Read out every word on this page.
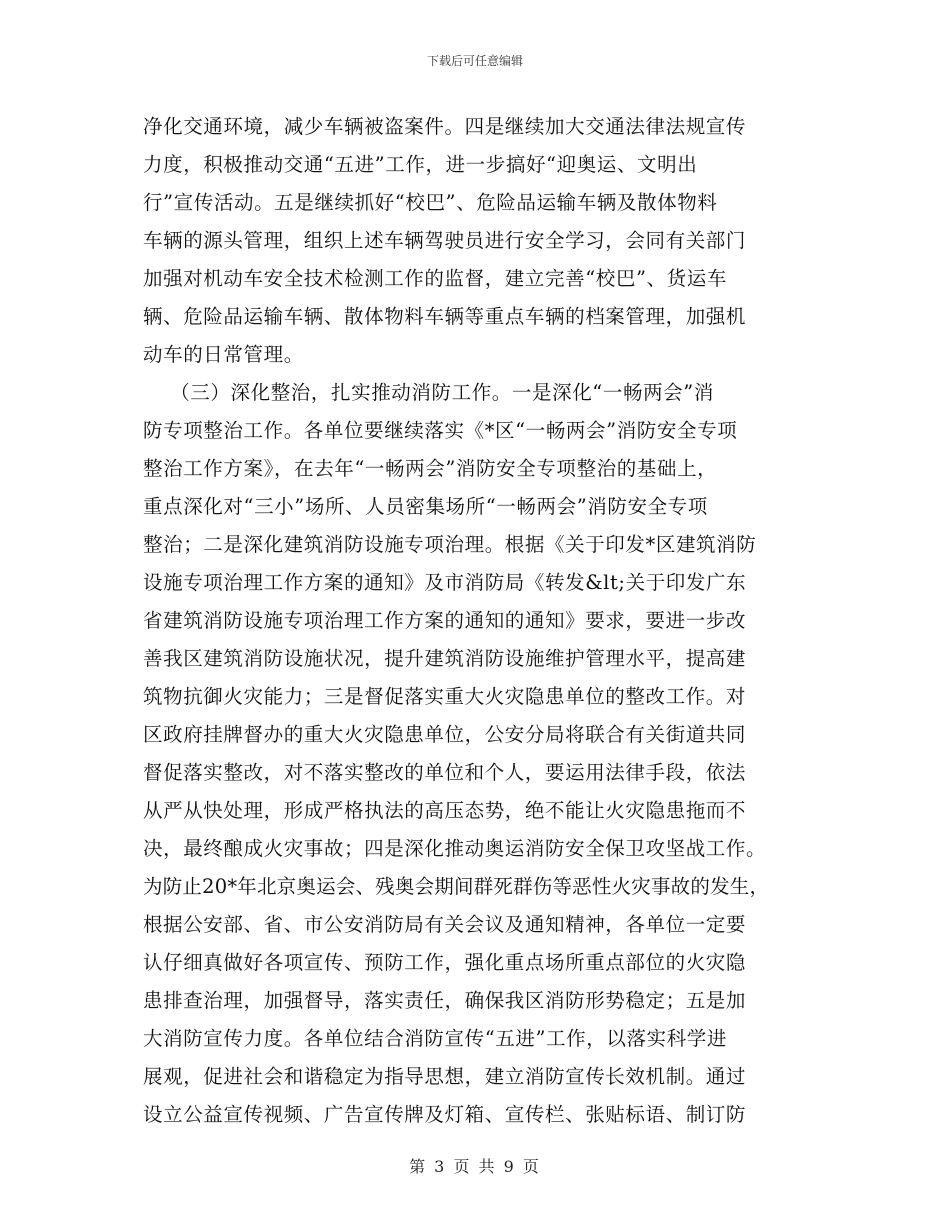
下载后可任意编辑
净化交通环境，减少车辆被盗案件。四是继续加大交通法律法规宣传
力度，积极推动交通“五进”工作，进一步搞好“迎奥运、文明出
行”宣传活动。五是继续抓好“校巴”、危险品运输车辆及散体物料
车辆的源头管理，组织上述车辆驾驶员进行安全学习，会同有关部门
加强对机动车安全技术检测工作的监督，建立完善“校巴”、货运车
辆、危险品运输车辆、散体物料车辆等重点车辆的档案管理，加强机
动车的日常管理。
（三）深化整治，扎实推动消防工作。一是深化“一畅两会”消
防专项整治工作。各单位要继续落实《*区“一畅两会”消防安全专项
整治工作方案》，在去年“一畅两会”消防安全专项整治的基础上，
重点深化对“三小”场所、人员密集场所“一畅两会”消防安全专项
整治；二是深化建筑消防设施专项治理。根据《关于印发*区建筑消防
设施专项治理工作方案的通知》及市消防局《转发&lt;关于印发广东
省建筑消防设施专项治理工作方案的通知的通知》要求，要进一步改
善我区建筑消防设施状况，提升建筑消防设施维护管理水平，提高建
筑物抗御火灾能力；三是督促落实重大火灾隐患单位的整改工作。对
区政府挂牌督办的重大火灾隐患单位，公安分局将联合有关街道共同
督促落实整改，对不落实整改的单位和个人，要运用法律手段，依法
从严从快处理，形成严格执法的高压态势，绝不能让火灾隐患拖而不
决，最终酿成火灾事故；四是深化推动奥运消防安全保卫攻坚战工作。
为防止20*年北京奥运会、残奥会期间群死群伤等恶性火灾事故的发生，
根据公安部、省、市公安消防局有关会议及通知精神，各单位一定要
认仔细真做好各项宣传、预防工作，强化重点场所重点部位的火灾隐
患排查治理，加强督导，落实责任，确保我区消防形势稳定；五是加
大消防宣传力度。各单位结合消防宣传“五进”工作，以落实科学进
展观，促进社会和谐稳定为指导思想，建立消防宣传长效机制。通过
设立公益宣传视频、广告宣传牌及灯箱、宣传栏、张贴标语、制订防
第 3 页 共 9 页
